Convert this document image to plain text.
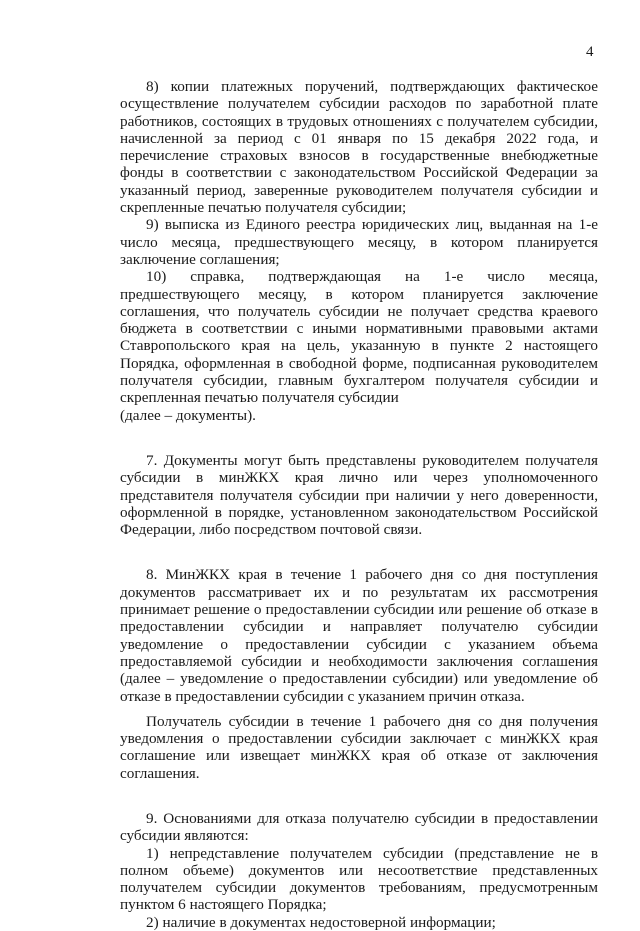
4

8) копии платежных поручений, подтверждающих фактическое осуществление получателем субсидии расходов по заработной плате работников, состоящих в трудовых отношениях с получателем субсидии, начисленной за период с 01 января по 15 декабря 2022 года, и перечисление страховых взносов в государственные внебюджетные фонды в соответствии с законодательством Российской Федерации за указанный период, заверенные руководителем получателя субсидии и скрепленные печатью получателя субсидии;

9) выписка из Единого реестра юридических лиц, выданная на 1-е число месяца, предшествующего месяцу, в котором планируется заключение соглашения;

10) справка, подтверждающая на 1-е число месяца, предшествующего месяцу, в котором планируется заключение соглашения, что получатель субсидии не получает средства краевого бюджета в соответствии с иными нормативными правовыми актами Ставропольского края на цель, указанную в пункте 2 настоящего Порядка, оформленная в свободной форме, подписанная руководителем получателя субсидии, главным бухгалтером получателя субсидии и скрепленная печатью получателя субсидии

(далее – документы).

7. Документы могут быть представлены руководителем получателя субсидии в минЖКХ края лично или через уполномоченного представителя получателя субсидии при наличии у него доверенности, оформленной в порядке, установленном законодательством Российской Федерации, либо посредством почтовой связи.

8. МинЖКХ края в течение 1 рабочего дня со дня поступления документов рассматривает их и по результатам их рассмотрения принимает решение о предоставлении субсидии или решение об отказе в предоставлении субсидии и направляет получателю субсидии уведомление о предоставлении субсидии с указанием объема предоставляемой субсидии и необходимости заключения соглашения (далее – уведомление о предоставлении субсидии) или уведомление об отказе в предоставлении субсидии с указанием причин отказа.

Получатель субсидии в течение 1 рабочего дня со дня получения уведомления о предоставлении субсидии заключает с минЖКХ края соглашение или извещает минЖКХ края об отказе от заключения соглашения.

9. Основаниями для отказа получателю субсидии в предоставлении субсидии являются:

1) непредставление получателем субсидии (представление не в полном объеме) документов или несоответствие представленных получателем субсидии документов требованиям, предусмотренным пунктом 6 настоящего Порядка;

2) наличие в документах недостоверной информации;
